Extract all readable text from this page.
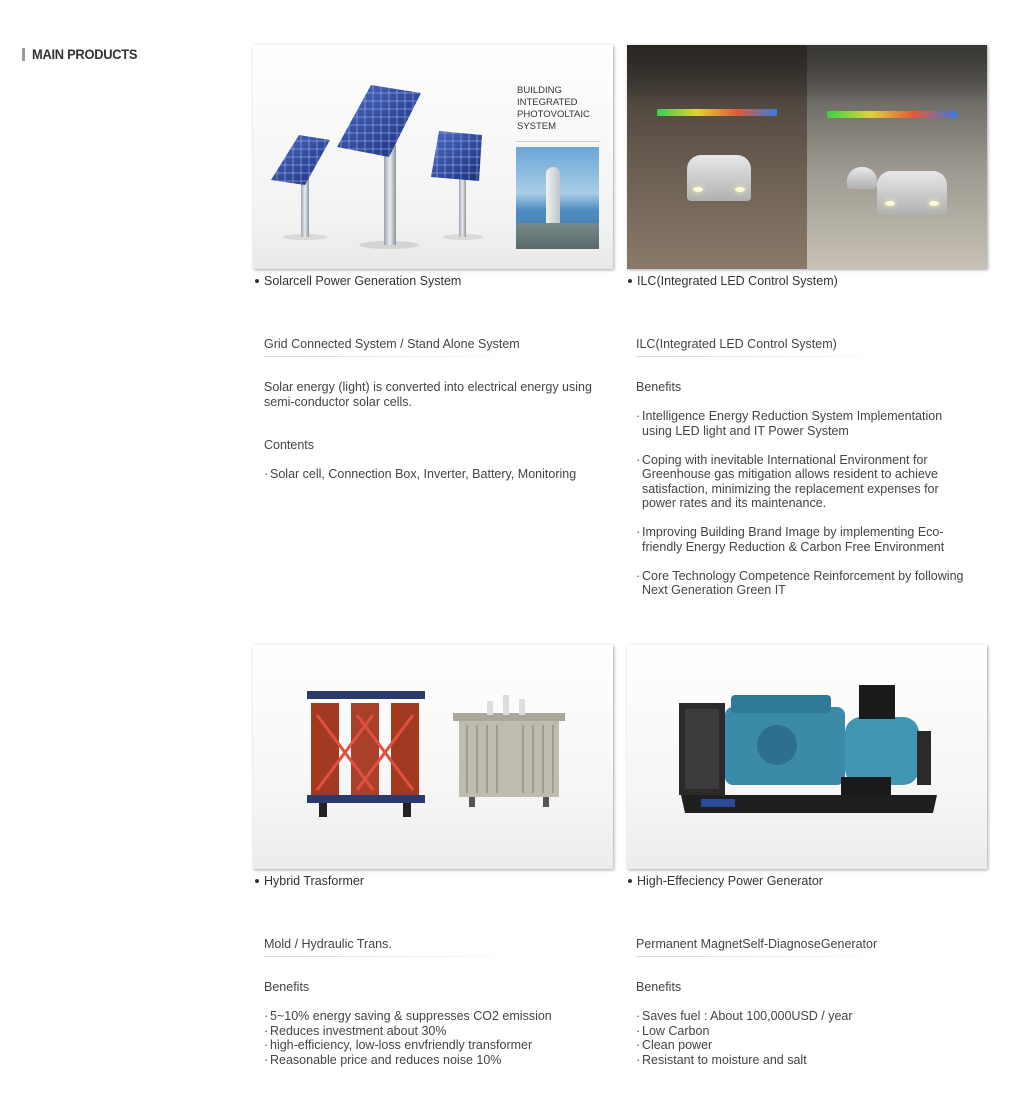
MAIN PRODUCTS
BUILDING
INTEGRATED
PHOTOVOLTAIC
SYSTEM
Solarcell Power Generation System
Grid Connected System / Stand Alone System
Solar energy (light) is converted into electrical energy using semi-conductor solar cells.
Contents
· Solar cell, Connection Box, Inverter, Battery, Monitoring
ILC(Integrated LED Control System)
ILC(Integrated LED Control System)
Benefits
· Intelligence Energy Reduction System Implementation using LED light and IT Power System
· Coping with inevitable International Environment for Greenhouse gas mitigation allows resident to achieve satisfaction, minimizing the replacement expenses for power rates and its maintenance.
· Improving Building Brand Image by implementing Eco-friendly Energy Reduction & Carbon Free Environment
· Core Technology Competence Reinforcement by following Next Generation Green IT
Hybrid Trasformer
Mold / Hydraulic Trans.
Benefits
· 5~10% energy saving & suppresses CO2 emission
· Reduces investment about 30%
· high-efficiency, low-loss envfriendly transformer
· Reasonable price and reduces noise 10%
High-Effeciency Power Generator
Permanent MagnetSelf-DiagnoseGenerator
Benefits
· Saves fuel : About 100,000USD / year
· Low Carbon
· Clean power
· Resistant to moisture and salt
